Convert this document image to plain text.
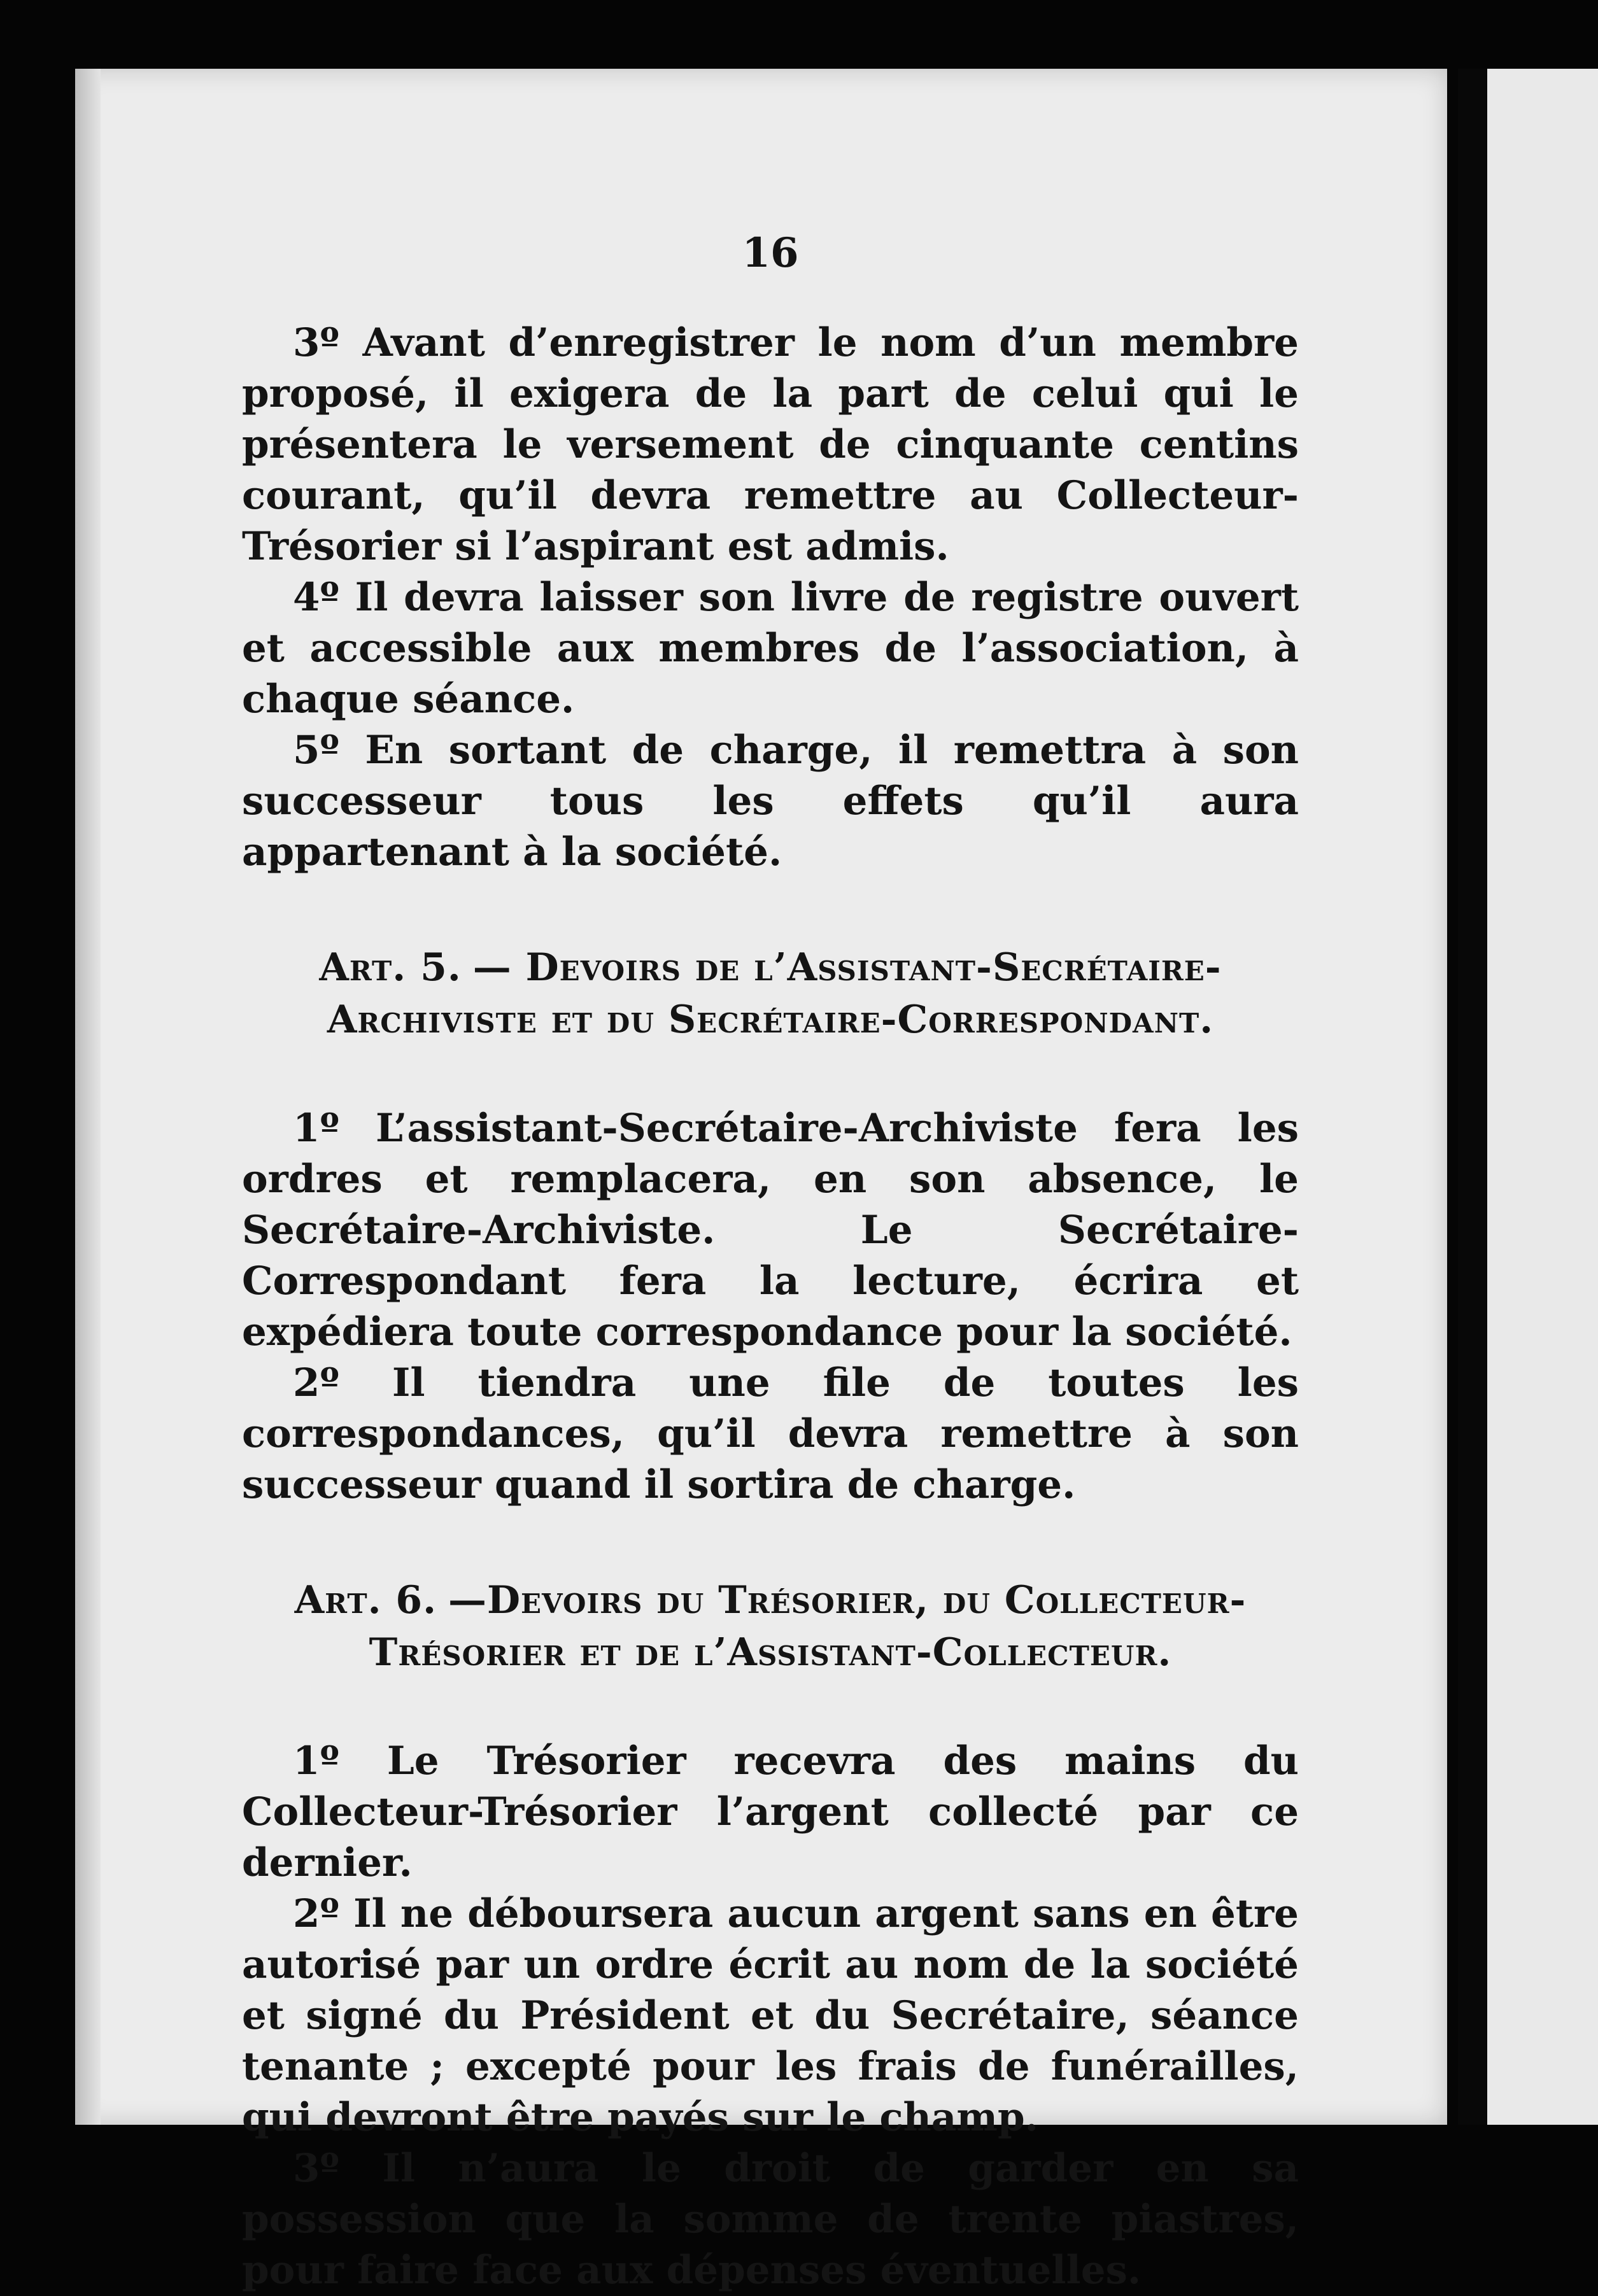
16

3º Avant d’enregistrer le nom d’un membre proposé, il exigera de la part de celui qui le présentera le versement de cinquante centins courant, qu’il devra remettre au Collecteur-Trésorier si l’aspirant est admis.

4º Il devra laisser son livre de registre ouvert et accessible aux membres de l’association, à chaque séance.

5º En sortant de charge, il remettra à son successeur tous les effets qu’il aura appartenant à la société.

Art. 5. — Devoirs de l’Assistant-Secrétaire-Archiviste et du Secrétaire-Correspondant.

1º L’assistant-Secrétaire-Archiviste fera les ordres et remplacera, en son absence, le Secrétaire-Archiviste. Le Secrétaire-Correspondant fera la lecture, écrira et expédiera toute correspondance pour la société.

2º Il tiendra une file de toutes les correspondances, qu’il devra remettre à son successeur quand il sortira de charge.

Art. 6. —Devoirs du Trésorier, du Collecteur-Trésorier et de l’Assistant-Collecteur.

1º Le Trésorier recevra des mains du Collecteur-Trésorier l’argent collecté par ce dernier.

2º Il ne déboursera aucun argent sans en être autorisé par un ordre écrit au nom de la société et signé du Président et du Secrétaire, séance tenante ; excepté pour les frais de funérailles, qui devront être payés sur le champ.

3º Il n’aura le droit de garder en sa possession que la somme de trente piastres, pour faire face aux dépenses éventuelles.
